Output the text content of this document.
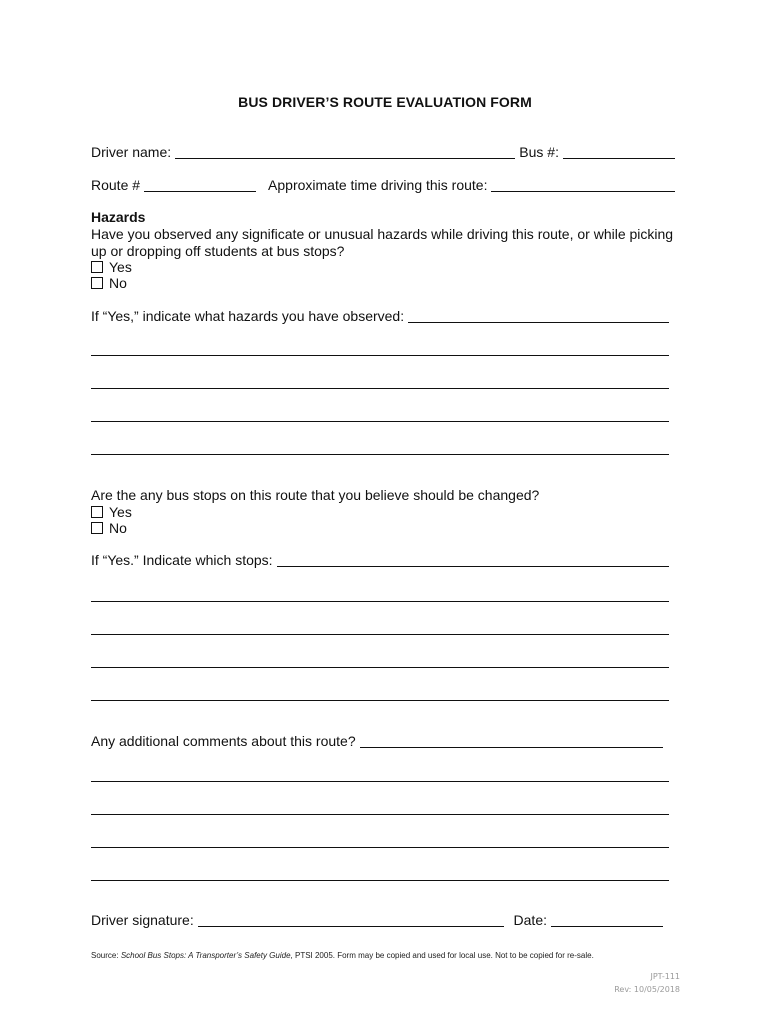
BUS DRIVER’S ROUTE EVALUATION FORM
Driver name:	Bus #:
Route #	Approximate time driving this route:
Hazards
Have you observed any significate or unusual hazards while driving this route, or while picking up or dropping off students at bus stops?
Yes
No
If “Yes,” indicate what hazards you have observed:
Are the any bus stops on this route that you believe should be changed?
Yes
No
If “Yes.” Indicate which stops:
Any additional comments about this route?
Driver signature:	Date:
Source: School Bus Stops: A Transporter’s Safety Guide, PTSI 2005. Form may be copied and used for local use. Not to be copied for re-sale.
JPT-111
Rev: 10/05/2018
